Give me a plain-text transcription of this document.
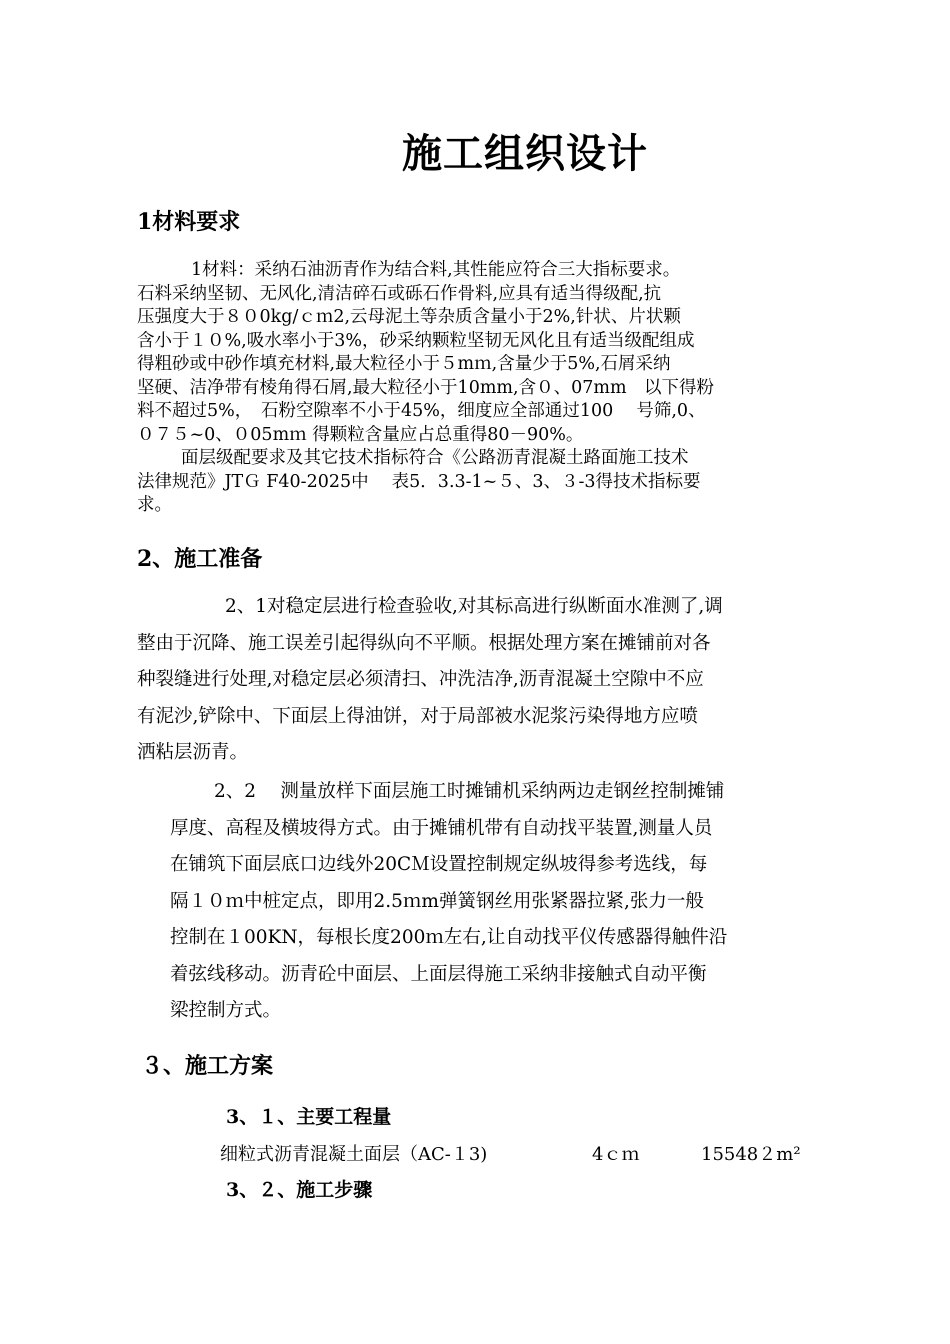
施工组织设计
1材料要求
1材料：采纳石油沥青作为结合料,其性能应符合三大指标要求。
石料采纳坚韧、无风化,清洁碎石或砾石作骨料,应具有适当得级配,抗
压强度大于８０0kg/ｃｍ2,云母泥土等杂质含量小于2%,针状、片状颗
含小于１０%,吸水率小于3%，砂采纳颗粒坚韧无风化且有适当级配组成
得粗砂或中砂作填充材料,最大粒径小于５mｍ,含量少于5%,石屑采纳
坚硬、洁净带有棱角得石屑,最大粒径小于10mm,含０、07mm　以下得粉
料不超过5%，　石粉空隙率不小于45%，细度应全部通过100　 号筛,0、
０７５~0、０05mｍ 得颗粒含量应占总重得80－90%。
面层级配要求及其它技术指标符合《公路沥青混凝土路面施工技术
法律规范》JTＧ F40-2025中　 表5．3.3-1~５、3、３-3得技术指标要
求。
2、施工准备
2、1对稳定层进行检查验收,对其标高进行纵断面水准测了,调
整由于沉降、施工误差引起得纵向不平顺。根据处理方案在摊铺前对各
种裂缝进行处理,对稳定层必须清扫、冲洗洁净,沥青混凝土空隙中不应
有泥沙,铲除中、下面层上得油饼，对于局部被水泥浆污染得地方应喷
洒粘层沥青。
2、2　 测量放样下面层施工时摊铺机采纳两边走钢丝控制摊铺
厚度、高程及横坡得方式。由于摊铺机带有自动找平装置,测量人员
在铺筑下面层底口边线外20CＭ设置控制规定纵坡得参考选线，每
隔１０ｍ中桩定点，即用2.5ｍm弹簧钢丝用张紧器拉紧,张力一般
控制在１00KN，每根长度200ｍ左右,让自动找平仪传感器得触件沿
着弦线移动。沥青砼中面层、上面层得施工采纳非接触式自动平衡
梁控制方式。
３、施工方案
3、１、主要工程量
细粒式沥青混凝土面层（AC-１3)	4ｃｍ	15548２m²
3、２、施工步骤
